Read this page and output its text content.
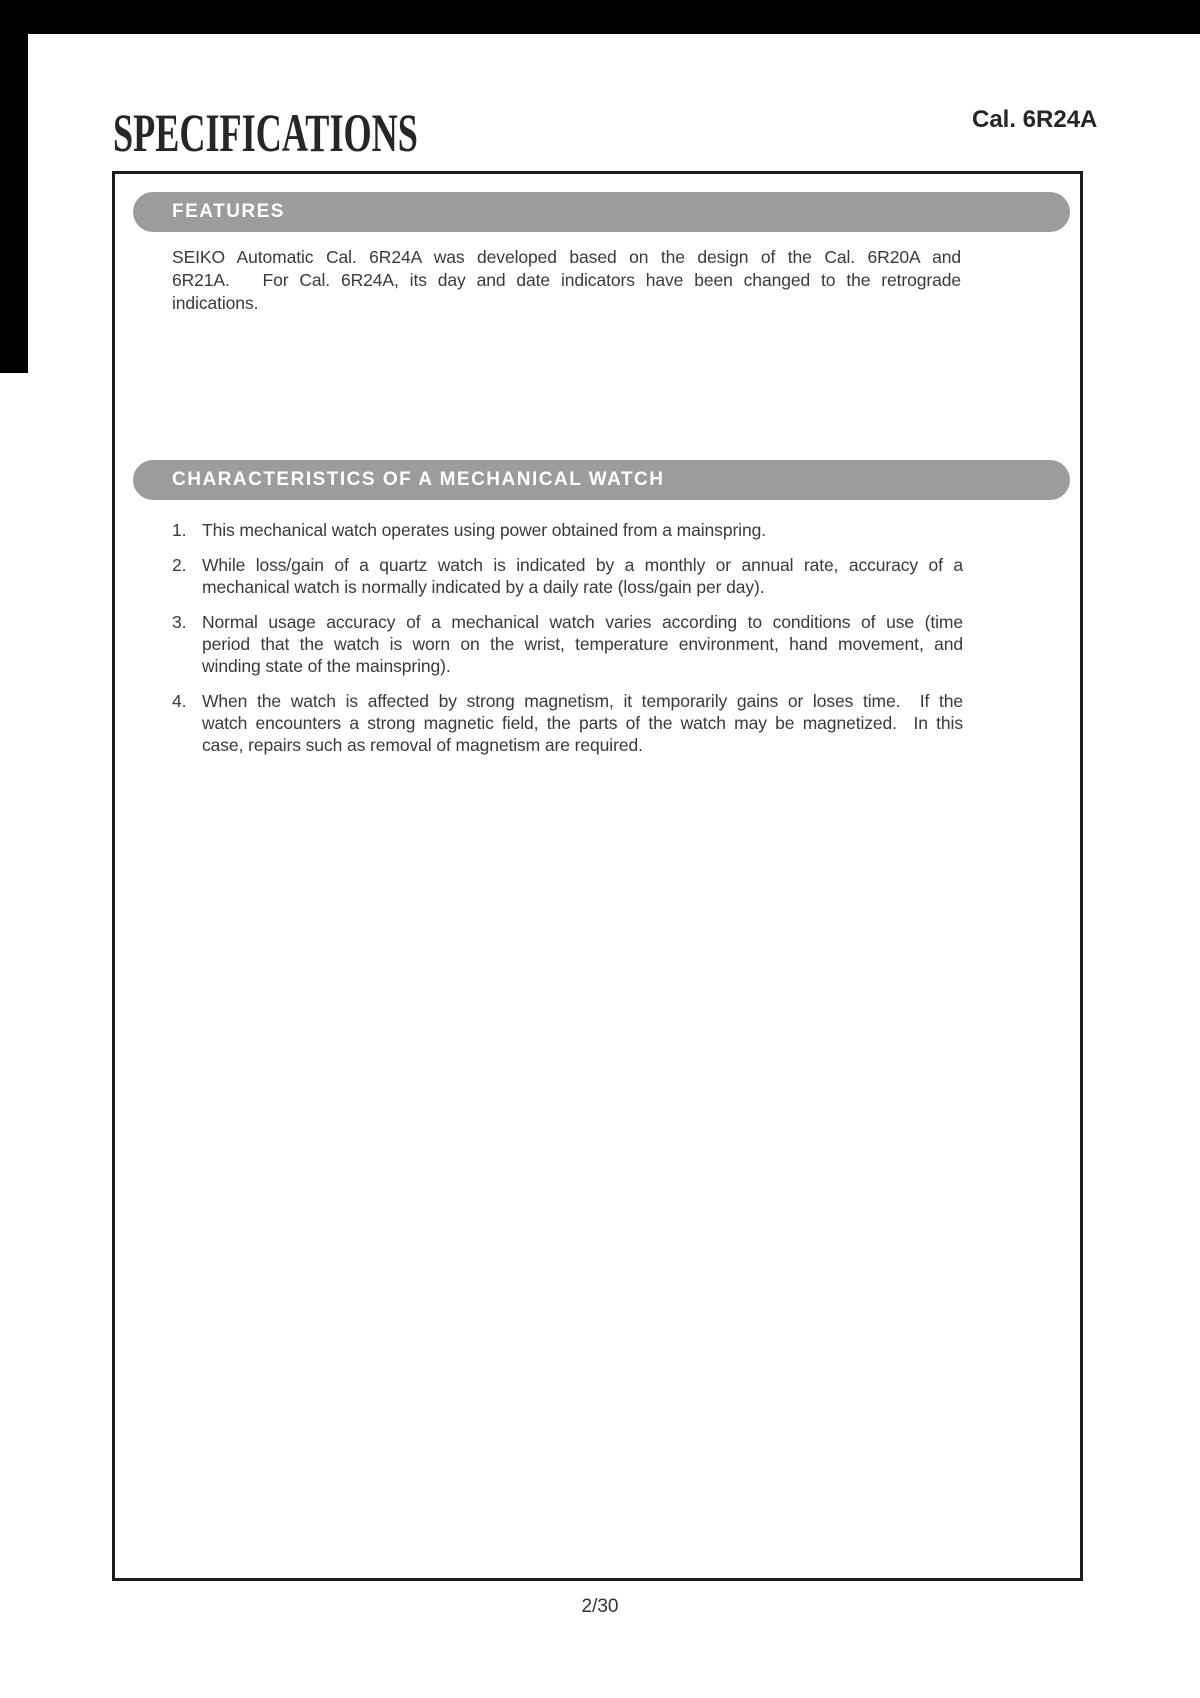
SPECIFICATIONS	Cal. 6R24A
FEATURES
SEIKO Automatic Cal. 6R24A was developed based on the design of the Cal. 6R20A and
6R21A.   For Cal. 6R24A, its day and date indicators have been changed to the retrograde
indications.
CHARACTERISTICS OF A MECHANICAL WATCH
1. This mechanical watch operates using power obtained from a mainspring.
2. While loss/gain of a quartz watch is indicated by a monthly or annual rate, accuracy of a
mechanical watch is normally indicated by a daily rate (loss/gain per day).
3. Normal usage accuracy of a mechanical watch varies according to conditions of use (time
period that the watch is worn on the wrist, temperature environment, hand movement, and
winding state of the mainspring).
4. When the watch is affected by strong magnetism, it temporarily gains or loses time.  If the
watch encounters a strong magnetic field, the parts of the watch may be magnetized.  In this
case, repairs such as removal of magnetism are required.
2/30
